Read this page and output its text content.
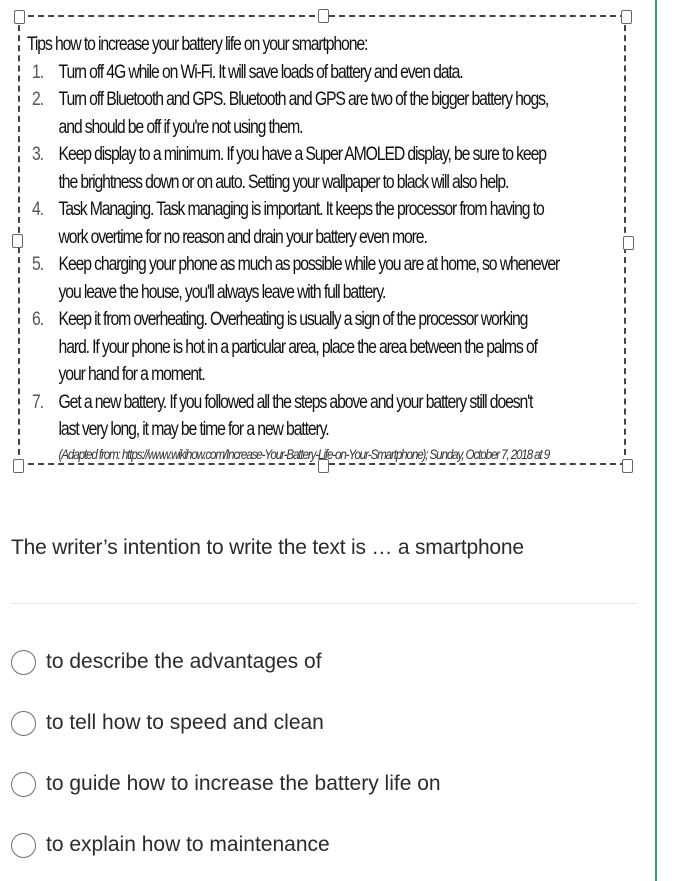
Tips how to increase your battery life on your smartphone:

1. Turn off 4G while on Wi-Fi. It will save loads of battery and even data.
2. Turn off Bluetooth and GPS. Bluetooth and GPS are two of the bigger battery hogs,
and should be off if you're not using them.
3. Keep display to a minimum. If you have a Super AMOLED display, be sure to keep
the brightness down or on auto. Setting your wallpaper to black will also help.
4. Task Managing. Task managing is important. It keeps the processor from having to
work overtime for no reason and drain your battery even more.
5. Keep charging your phone as much as possible while you are at home, so whenever
you leave the house, you'll always leave with full battery.
6. Keep it from overheating. Overheating is usually a sign of the processor working
hard. If your phone is hot in a particular area, place the area between the palms of
your hand for a moment.
7. Get a new battery. If you followed all the steps above and your battery still doesn't
last very long, it may be time for a new battery.
(Adapted from: https://www.wikihow.com/Increase-Your-Battery-Life-on-Your-Smartphone); Sunday, October 7, 2018 at 9
The writer’s intention to write the text is … a smartphone
to describe the advantages of
to tell how to speed and clean
to guide how to increase the battery life on
to explain how to maintenance
